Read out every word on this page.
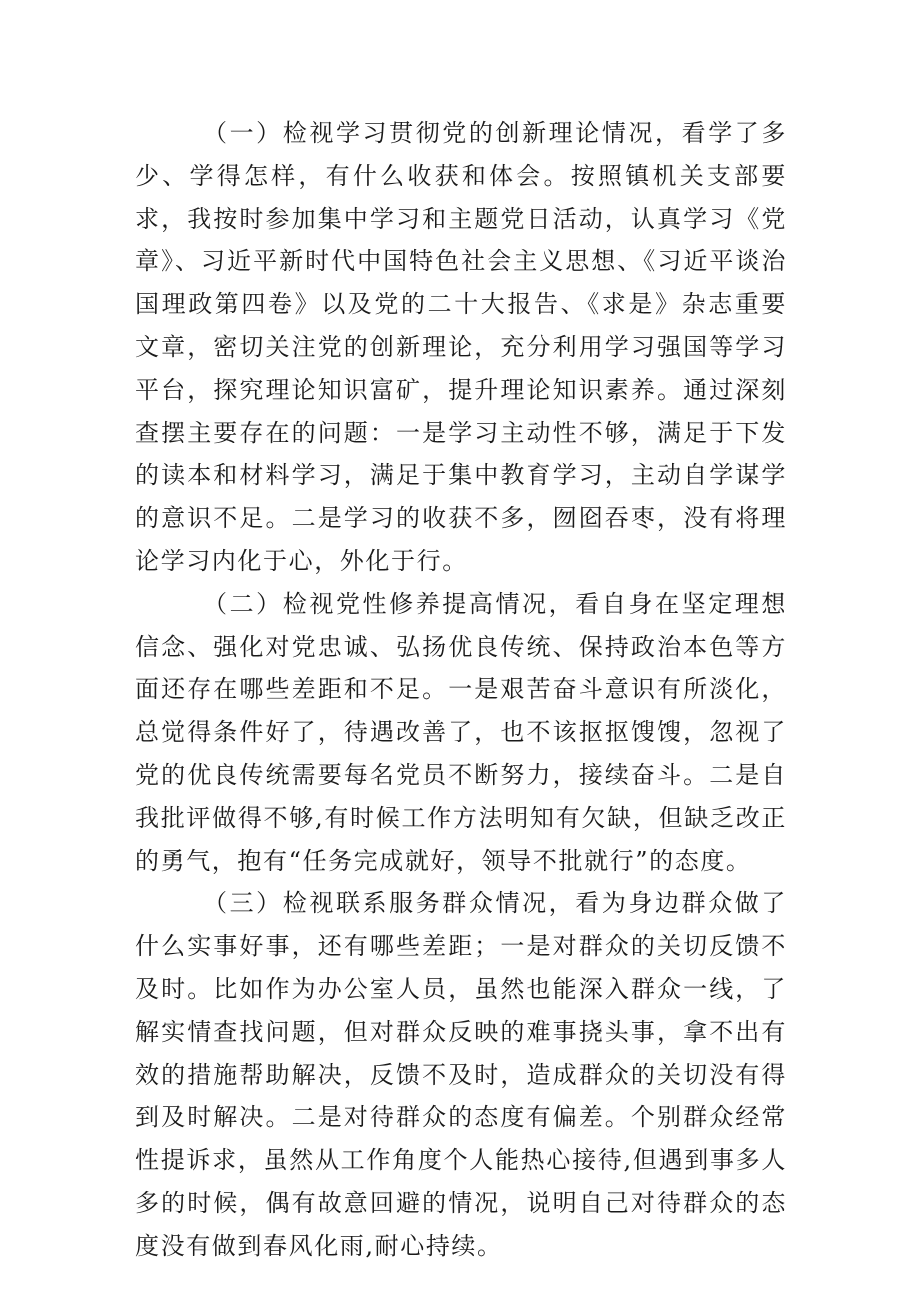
（一）检视学习贯彻党的创新理论情况，看学了多少、学得怎样，有什么收获和体会。按照镇机关支部要求，我按时参加集中学习和主题党日活动，认真学习《党章》、习近平新时代中国特色社会主义思想、《习近平谈治国理政第四卷》以及党的二十大报告、《求是》杂志重要文章，密切关注党的创新理论，充分利用学习强国等学习平台，探究理论知识富矿，提升理论知识素养。通过深刻查摆主要存在的问题：一是学习主动性不够，满足于下发的读本和材料学习，满足于集中教育学习，主动自学谋学的意识不足。二是学习的收获不多，囫囵吞枣，没有将理论学习内化于心，外化于行。

（二）检视党性修养提高情况，看自身在坚定理想信念、强化对党忠诚、弘扬优良传统、保持政治本色等方面还存在哪些差距和不足。一是艰苦奋斗意识有所淡化，总觉得条件好了，待遇改善了，也不该抠抠馊馊，忽视了党的优良传统需要每名党员不断努力，接续奋斗。二是自我批评做得不够,有时候工作方法明知有欠缺，但缺乏改正的勇气，抱有“任务完成就好，领导不批就行”的态度。

（三）检视联系服务群众情况，看为身边群众做了什么实事好事，还有哪些差距；一是对群众的关切反馈不及时。比如作为办公室人员，虽然也能深入群众一线，了解实情查找问题，但对群众反映的难事挠头事，拿不出有效的措施帮助解决，反馈不及时，造成群众的关切没有得到及时解决。二是对待群众的态度有偏差。个别群众经常性提诉求，虽然从工作角度个人能热心接待,但遇到事多人多的时候，偶有故意回避的情况，说明自己对待群众的态度没有做到春风化雨,耐心持续。
